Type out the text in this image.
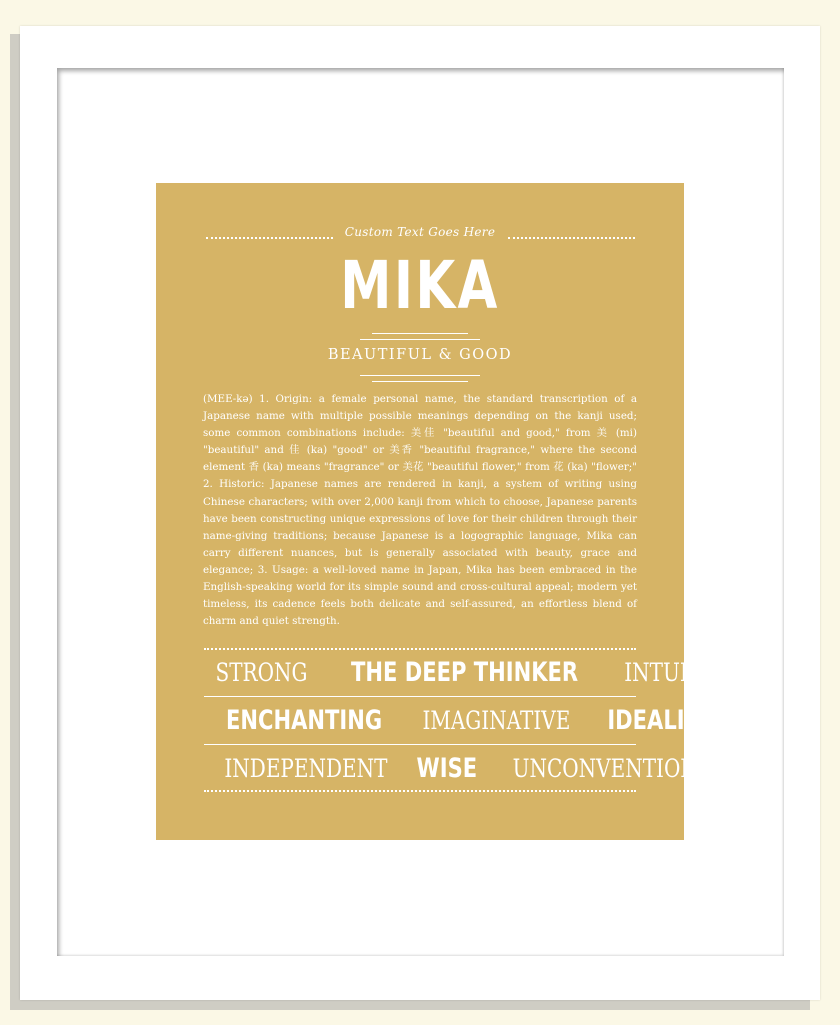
Custom Text Goes Here
MIKA
BEAUTIFUL & GOOD
(MEE-kə) 1. Origin: a female personal name, the standard transcription of a Japanese name with multiple possible meanings depending on the kanji used; some common combinations include: 美佳 "beautiful and good," from 美 (mi) "beautiful" and 佳 (ka) "good" or 美香 "beautiful fragrance," where the second element 香 (ka) means "fragrance" or 美花 "beautiful flower," from 花 (ka) "flower;" 2. Historic: Japanese names are rendered in kanji, a system of writing using Chinese characters; with over 2,000 kanji from which to choose, Japanese parents have been constructing unique expressions of love for their children through their name-giving traditions; because Japanese is a logographic language, Mika can carry different nuances, but is generally associated with beauty, grace and elegance; 3. Usage: a well-loved name in Japan, Mika has been embraced in the English-speaking world for its simple sound and cross-cultural appeal; modern yet timeless, its cadence feels both delicate and self-assured, an effortless blend of charm and quiet strength.
STRONG THE DEEP THINKER INTUITIVE
ENCHANTING IMAGINATIVE IDEALISTIC
INDEPENDENT WISE UNCONVENTIONAL
